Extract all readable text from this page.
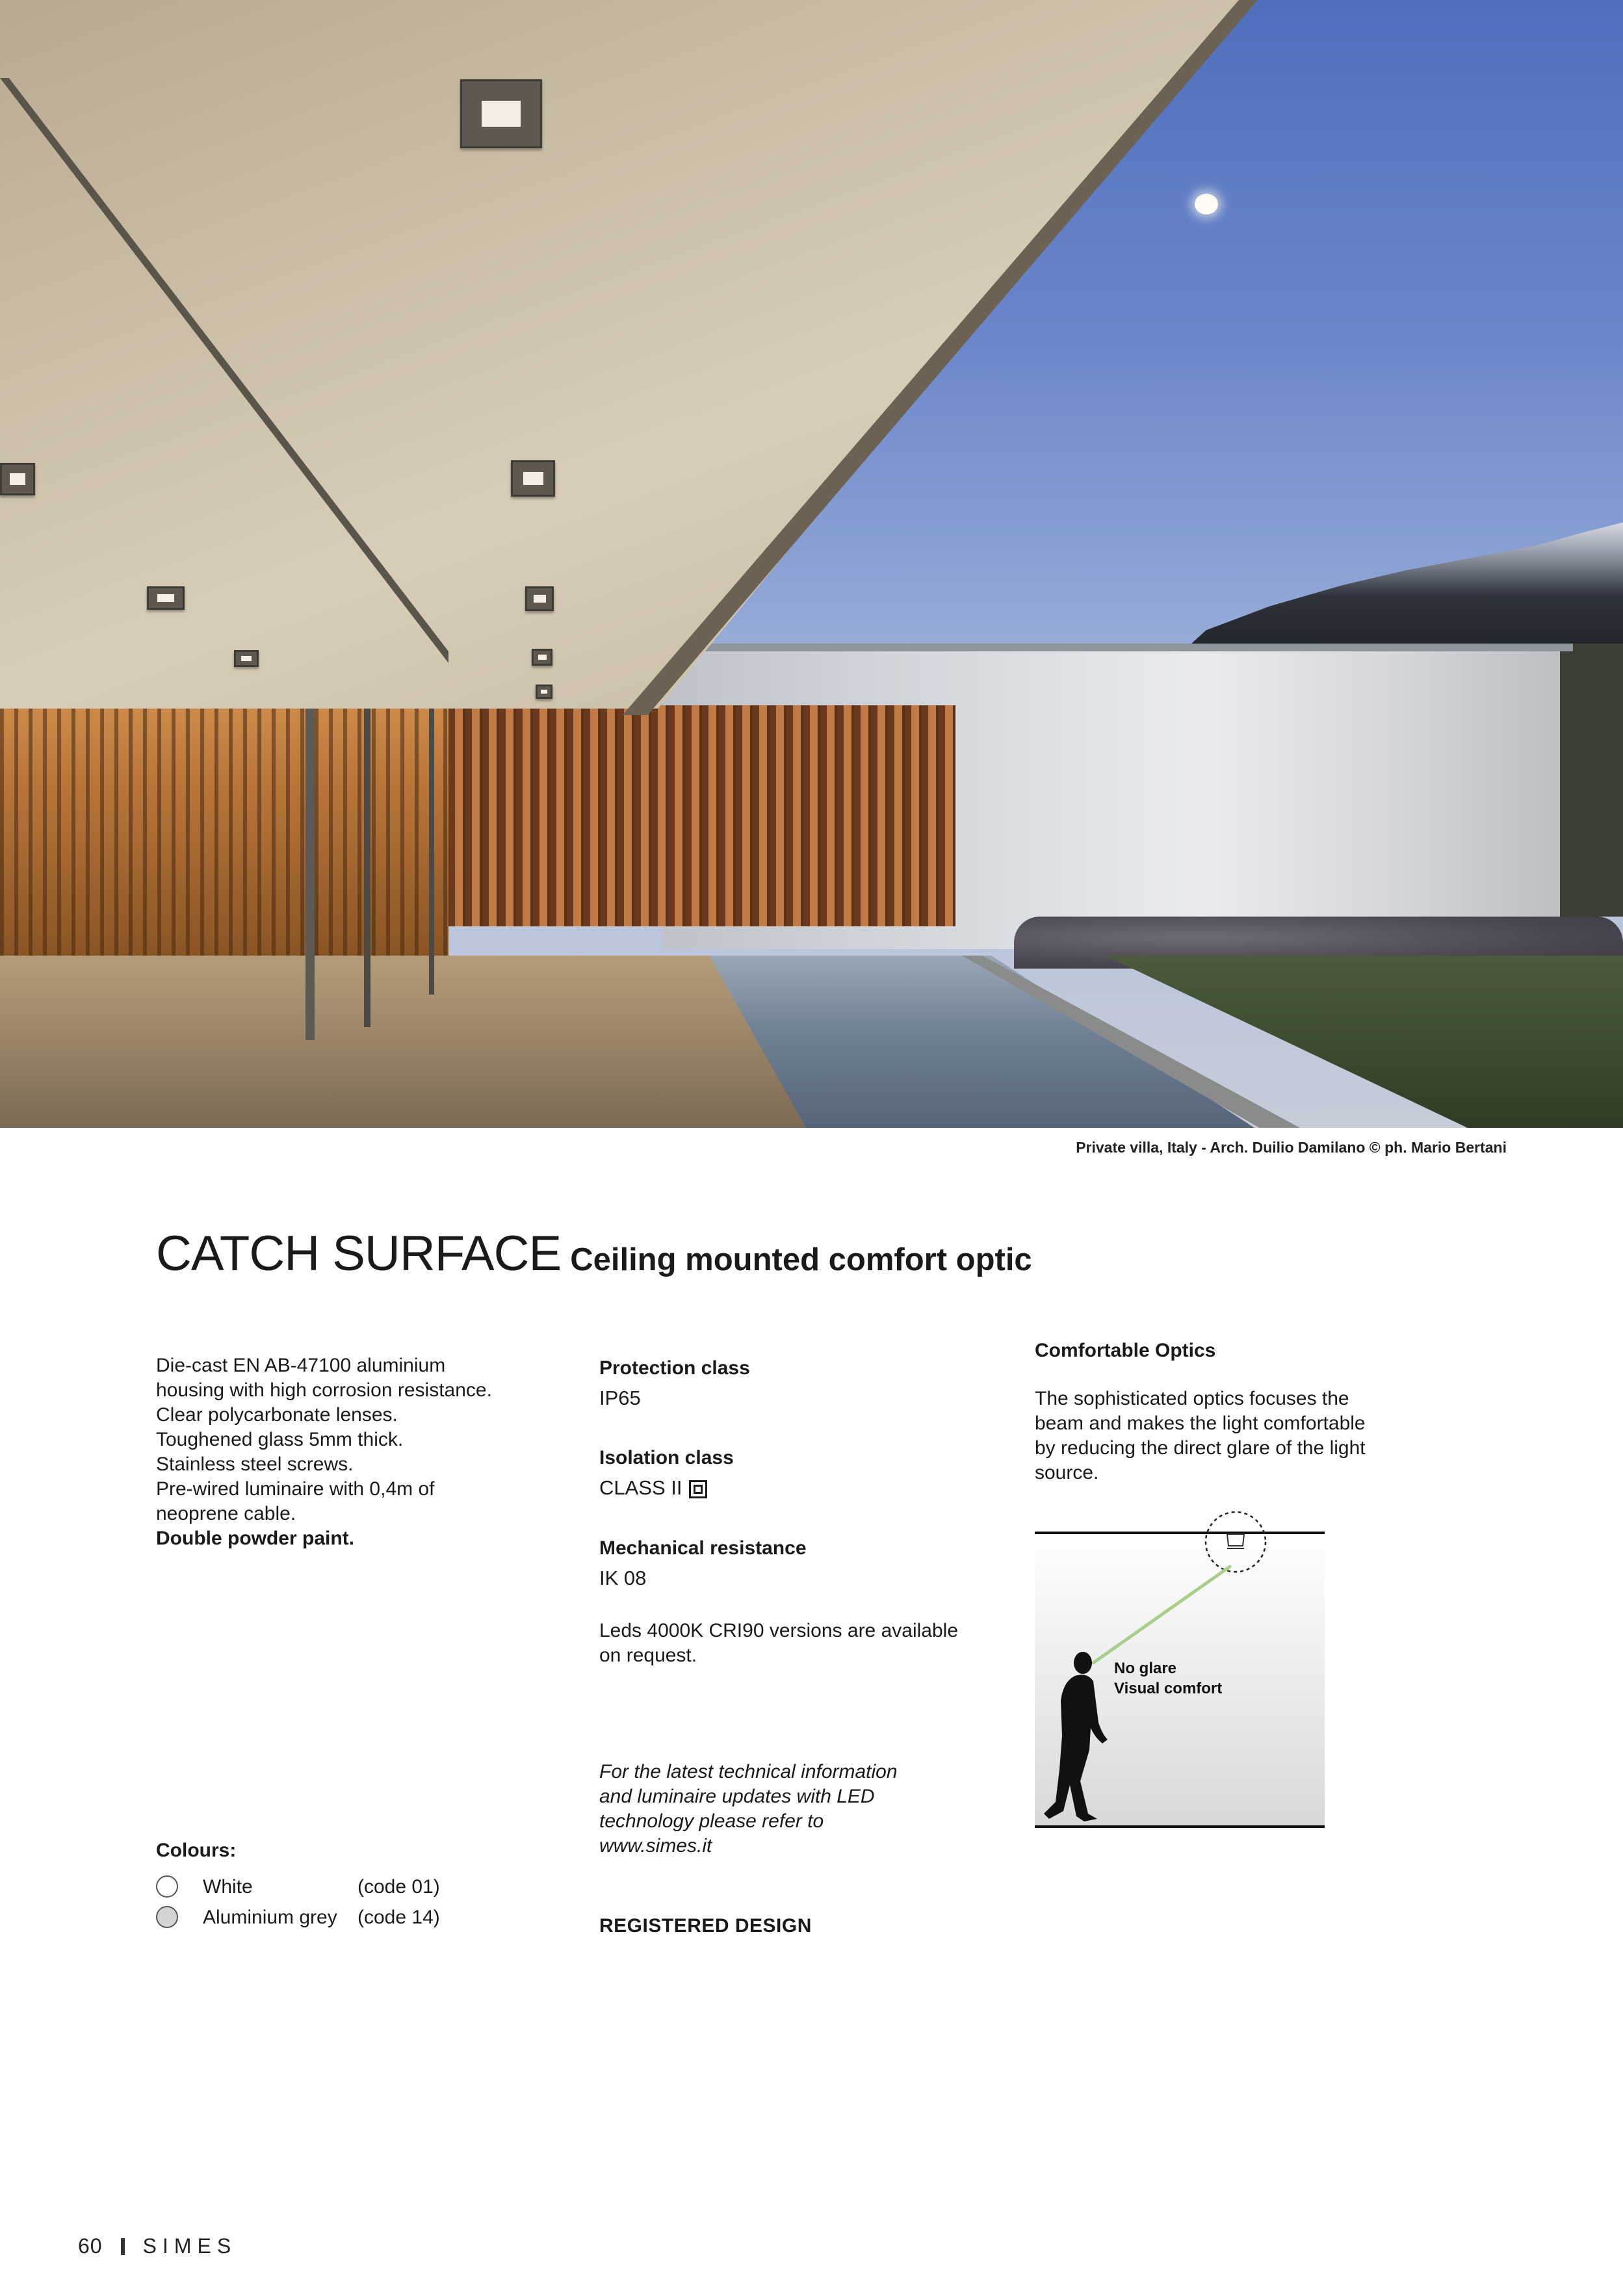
Private villa, Italy - Arch. Duilio Damilano © ph. Mario Bertani
CATCH SURFACE Ceiling mounted comfort optic
Die-cast EN AB-47100 aluminium
housing with high corrosion resistance.
Clear polycarbonate lenses.
Toughened glass 5mm thick.
Stainless steel screws.
Pre-wired luminaire with 0,4m of
neoprene cable.
Double powder paint.
Colours:
White	(code 01)
Aluminium grey (code 14)
Protection class
IP65
Isolation class
CLASS II
Mechanical resistance
IK 08
Leds 4000K CRI90 versions are available
on request.
For the latest technical information
and luminaire updates with LED
technology please refer to
www.simes.it
REGISTERED DESIGN
Comfortable Optics
The sophisticated optics focuses the
beam and makes the light comfortable
by reducing the direct glare of the light
source.
No glare
Visual comfort
60 SIMES
